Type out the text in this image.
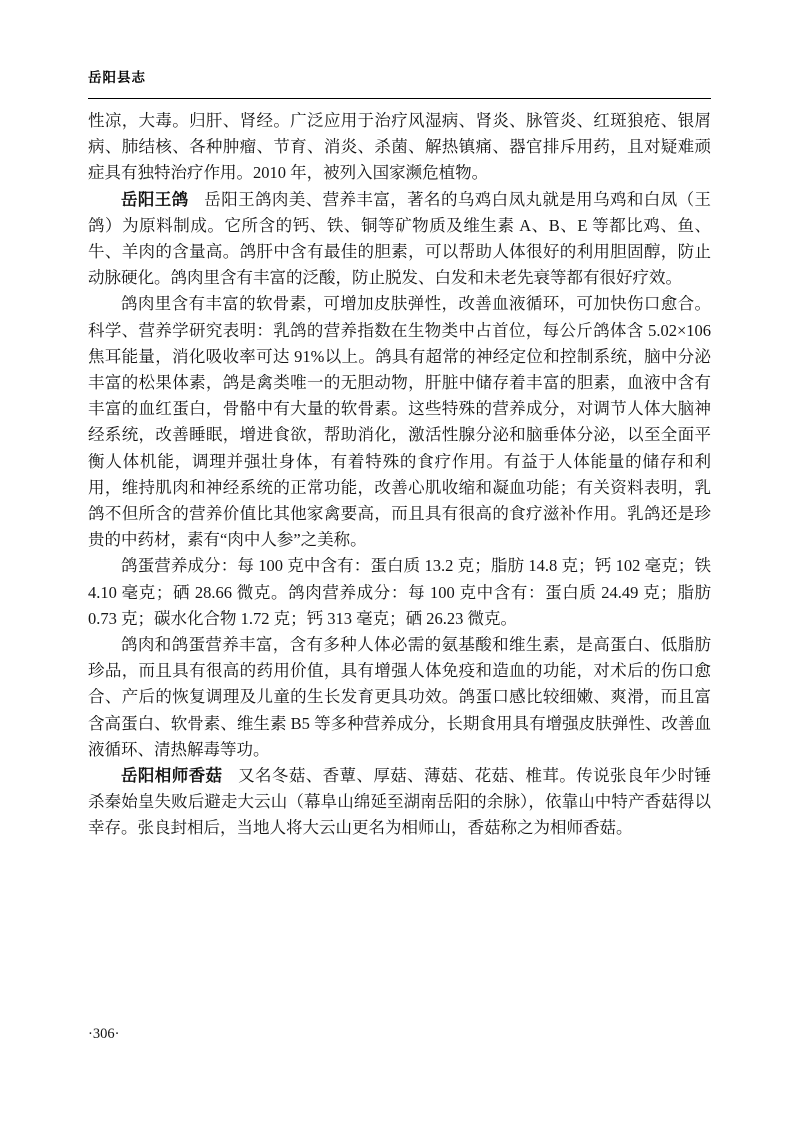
岳阳县志

性凉，大毒。归肝、肾经。广泛应用于治疗风湿病、肾炎、脉管炎、红斑狼疮、银屑病、肺结核、各种肿瘤、节育、消炎、杀菌、解热镇痛、器官排斥用药，且对疑难顽症具有独特治疗作用。2010 年，被列入国家濒危植物。

岳阳王鸽 岳阳王鸽肉美、营养丰富，著名的乌鸡白凤丸就是用乌鸡和白凤（王鸽）为原料制成。它所含的钙、铁、铜等矿物质及维生素 A、B、E 等都比鸡、鱼、牛、羊肉的含量高。鸽肝中含有最佳的胆素，可以帮助人体很好的利用胆固醇，防止动脉硬化。鸽肉里含有丰富的泛酸，防止脱发、白发和未老先衰等都有很好疗效。

鸽肉里含有丰富的软骨素，可增加皮肤弹性，改善血液循环，可加快伤口愈合。科学、营养学研究表明：乳鸽的营养指数在生物类中占首位，每公斤鸽体含 5.02×106 焦耳能量，消化吸收率可达 91%以上。鸽具有超常的神经定位和控制系统，脑中分泌丰富的松果体素，鸽是禽类唯一的无胆动物，肝脏中储存着丰富的胆素，血液中含有丰富的血红蛋白，骨骼中有大量的软骨素。这些特殊的营养成分，对调节人体大脑神经系统，改善睡眠，增进食欲，帮助消化，激活性腺分泌和脑垂体分泌，以至全面平衡人体机能，调理并强壮身体，有着特殊的食疗作用。有益于人体能量的储存和利用，维持肌肉和神经系统的正常功能，改善心肌收缩和凝血功能；有关资料表明，乳鸽不但所含的营养价值比其他家禽要高，而且具有很高的食疗滋补作用。乳鸽还是珍贵的中药材，素有“肉中人参”之美称。

鸽蛋营养成分：每 100 克中含有：蛋白质 13.2 克；脂肪 14.8 克；钙 102 毫克；铁 4.10 毫克；硒 28.66 微克。鸽肉营养成分：每 100 克中含有：蛋白质 24.49 克；脂肪 0.73 克；碳水化合物 1.72 克；钙 313 毫克；硒 26.23 微克。

鸽肉和鸽蛋营养丰富，含有多种人体必需的氨基酸和维生素，是高蛋白、低脂肪珍品，而且具有很高的药用价值，具有增强人体免疫和造血的功能，对术后的伤口愈合、产后的恢复调理及儿童的生长发育更具功效。鸽蛋口感比较细嫩、爽滑，而且富含高蛋白、软骨素、维生素 B5 等多种营养成分，长期食用具有增强皮肤弹性、改善血液循环、清热解毒等功。

岳阳相师香菇 又名冬菇、香蕈、厚菇、薄菇、花菇、椎茸。传说张良年少时锤杀秦始皇失败后避走大云山（幕阜山绵延至湖南岳阳的余脉），依靠山中特产香菇得以幸存。张良封相后，当地人将大云山更名为相师山，香菇称之为相师香菇。

·306·
